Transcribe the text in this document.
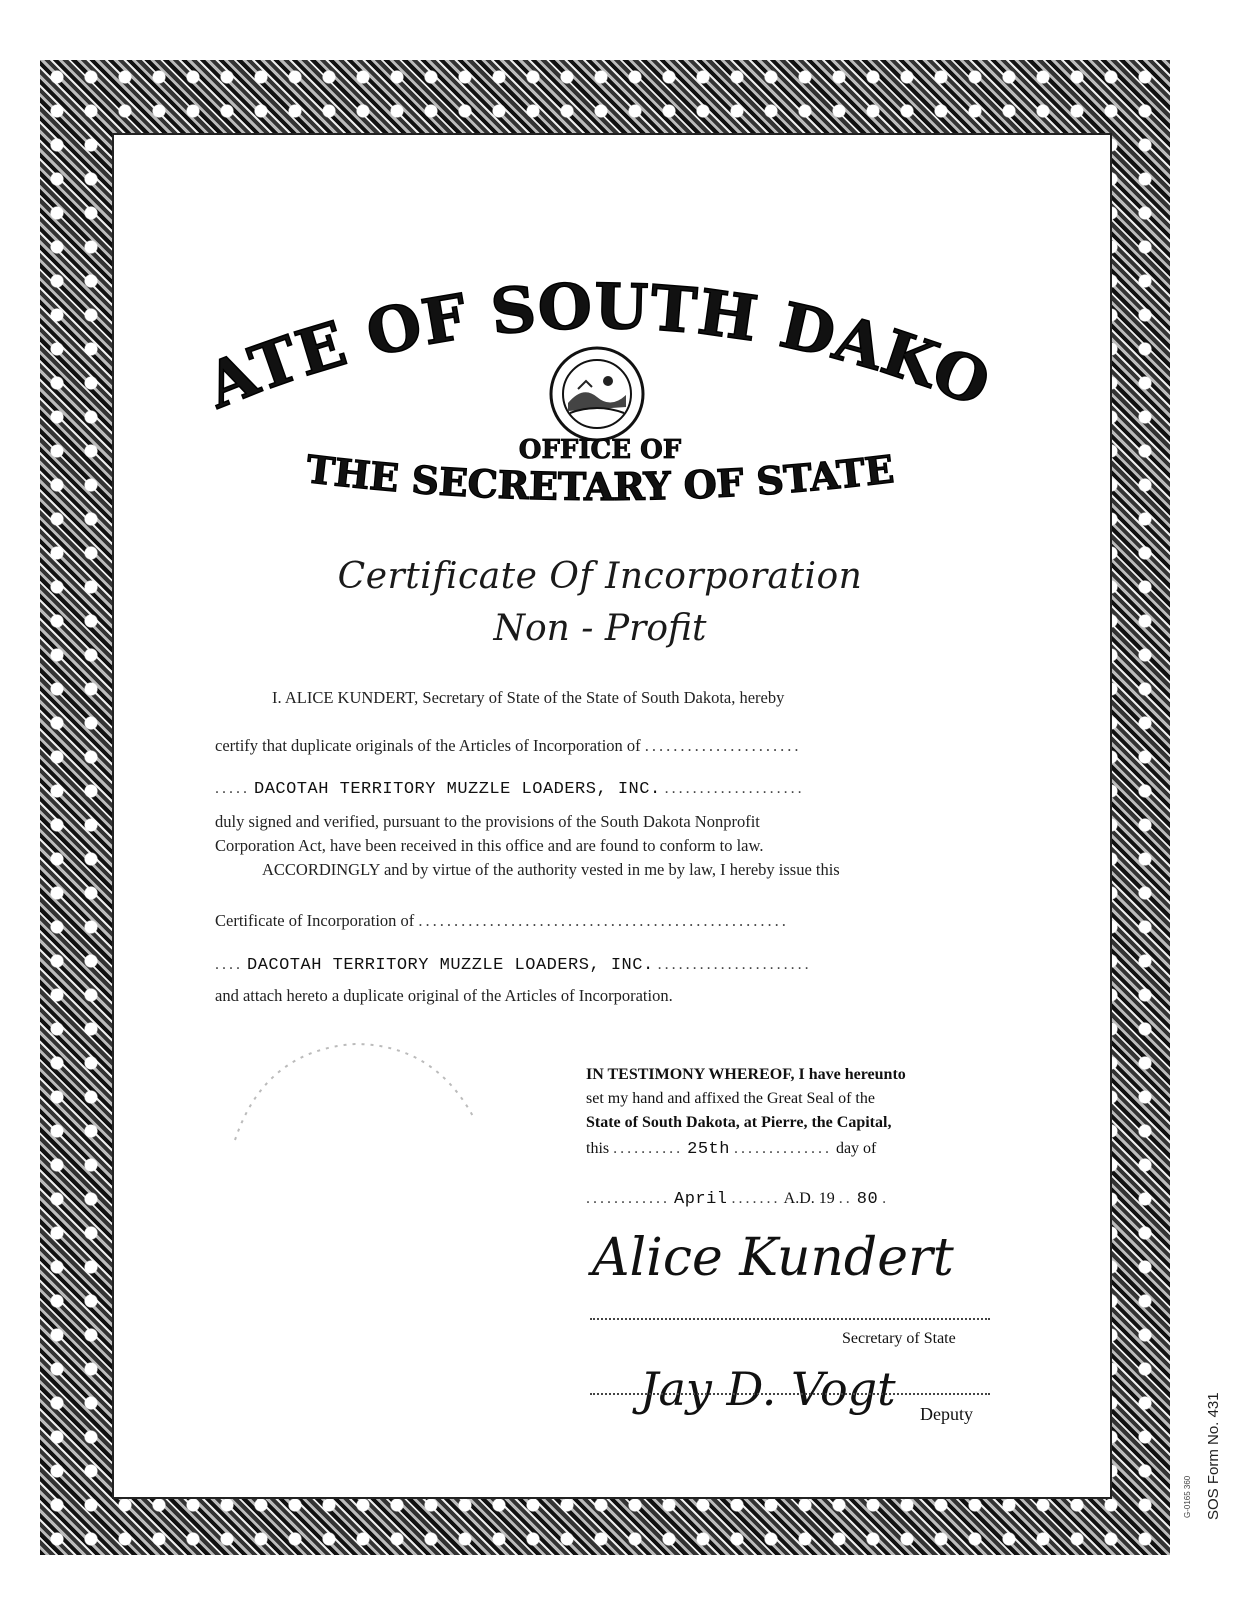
ATE OF SOUTH DAKO
OFFICE OF
THE SECRETARY OF STATE
Certificate Of Incorporation
Non - Profit
I. ALICE KUNDERT, Secretary of State of the State of South Dakota, hereby
certify that duplicate originals of the Articles of Incorporation of ......................
..... DACOTAH TERRITORY MUZZLE LOADERS, INC. ....................
duly signed and verified, pursuant to the provisions of the South Dakota Nonprofit
Corporation Act, have been received in this office and are found to conform to law.
ACCORDINGLY and by virtue of the authority vested in me by law, I hereby issue this
Certificate of Incorporation of ....................................................
.... DACOTAH TERRITORY MUZZLE LOADERS, INC. ......................
and attach hereto a duplicate original of the Articles of Incorporation.
IN TESTIMONY WHEREOF, I have hereunto
set my hand and affixed the Great Seal of the
State of South Dakota, at Pierre, the Capital,
this .......... 25th .............. day of
............ April ....... A.D. 19 .. 80 .
Alice Kundert
Secretary of State
Jay D. Vogt Deputy	SOS Form No. 431
G-0165 360
